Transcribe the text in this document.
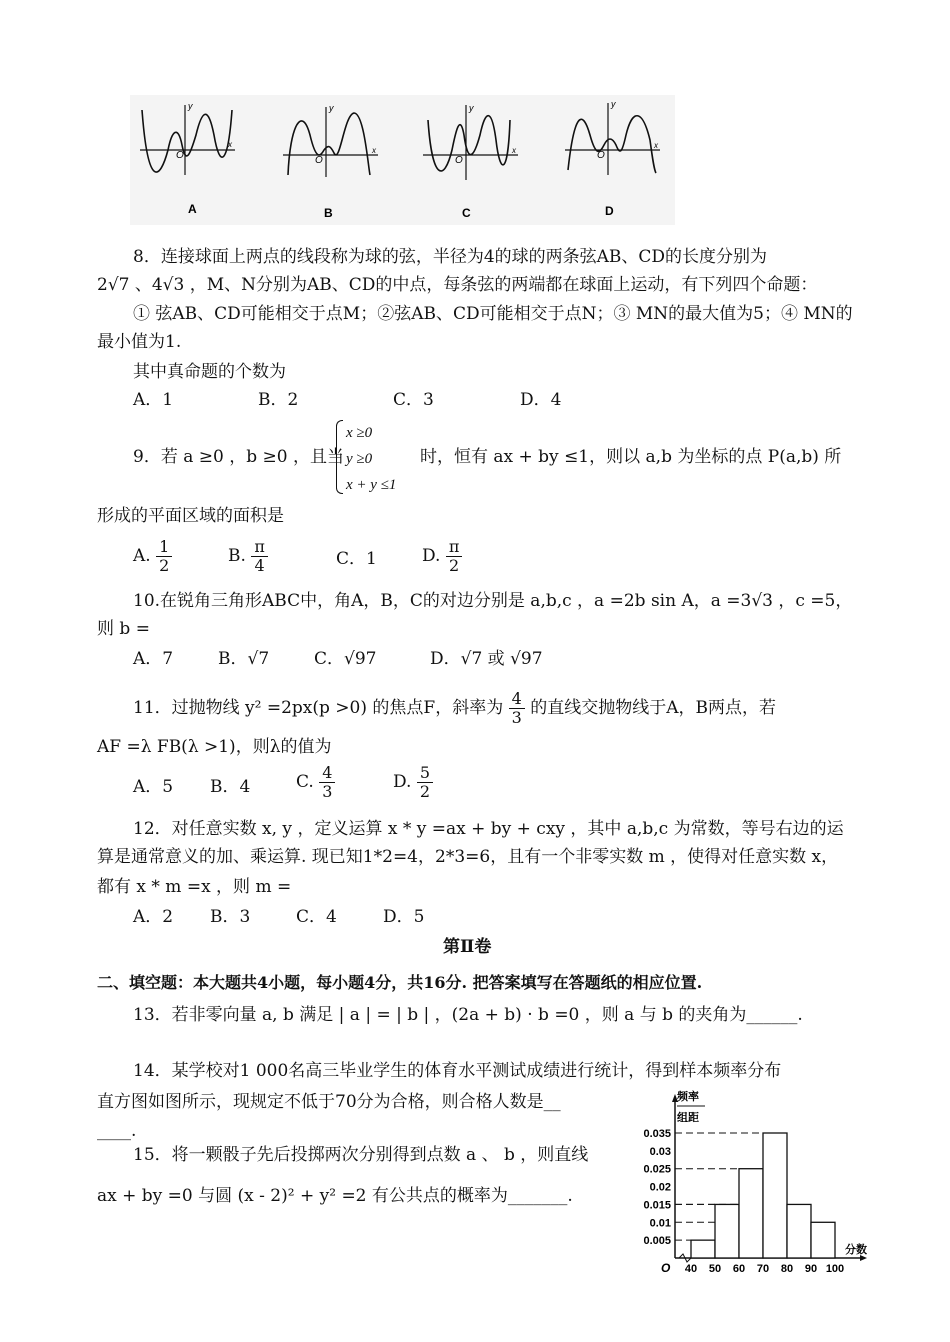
O
y
x
A
O
y
x
B
O
y
x
C
O
y
x
D
8．连接球面上两点的线段称为球的弦，半径为4的球的两条弦AB、CD的长度分别为
2√7 、4√3 ，M、N分别为AB、CD的中点，每条弦的两端都在球面上运动，有下列四个命题：
① 弦AB、CD可能相交于点M；②弦AB、CD可能相交于点N；③ MN的最大值为5；④ MN的
最小值为1.
其中真命题的个数为
A．1	B．2	C．3	D．4
9．若 a ≥0 ，b ≥0 ，且当
x ≥0
y ≥0
x + y ≤1
时，恒有 ax + by ≤1，则以 a,b 为坐标的点 P(a,b) 所
形成的平面区域的面积是
A. $\frac{1}{2}$	B. $\frac{\pi}{4}$	C．1	D. $\frac{\pi}{2}$
10.在锐角三角形ABC中，角A，B，C的对边分别是 a,b,c ，a =2b sin A，a =3√3 ，c =5，
则 b =
A．7	B．√7	C．√97	D．√7 或 √97
11．过抛物线 y² =2px(p >0) 的焦点F，斜率为 $\frac{4}{3}$ 的直线交抛物线于A，B两点，若
AF =λ FB(λ >1)，则λ的值为
A．5 B．4	C. $\frac{4}{3}$	D. $\frac{5}{2}$
12．对任意实数 x, y ，定义运算 x * y =ax + by + cxy ，其中 a,b,c 为常数，等号右边的运
算是通常意义的加、乘运算. 现已知1*2=4，2*3=6，且有一个非零实数 m ，使得对任意实数 x，
都有 x * m =x ，则 m =
A．2 B．3	C．4	D．5
第Ⅱ卷
二、填空题：本大题共4小题，每小题4分，共16分. 把答案填写在答题纸的相应位置.
13．若非零向量 a, b 满足 | a | = | b | ，(2a + b) · b =0 ，则 a 与 b 的夹角为______.
14．某学校对1 000名高三毕业学生的体育水平测试成绩进行统计，得到样本频率分布
直方图如图所示，现规定不低于70分为合格，则合格人数是__
____.
15．将一颗骰子先后投掷两次分别得到点数 a 、 b ，则直线
ax + by =0 与圆 (x - 2)² + y² =2 有公共点的概率为_______.
0.035
0.03
0.025
0.02
0.015
0.01
0.005
40 50 60 70 80 90 100
O
频率
组距
分数
